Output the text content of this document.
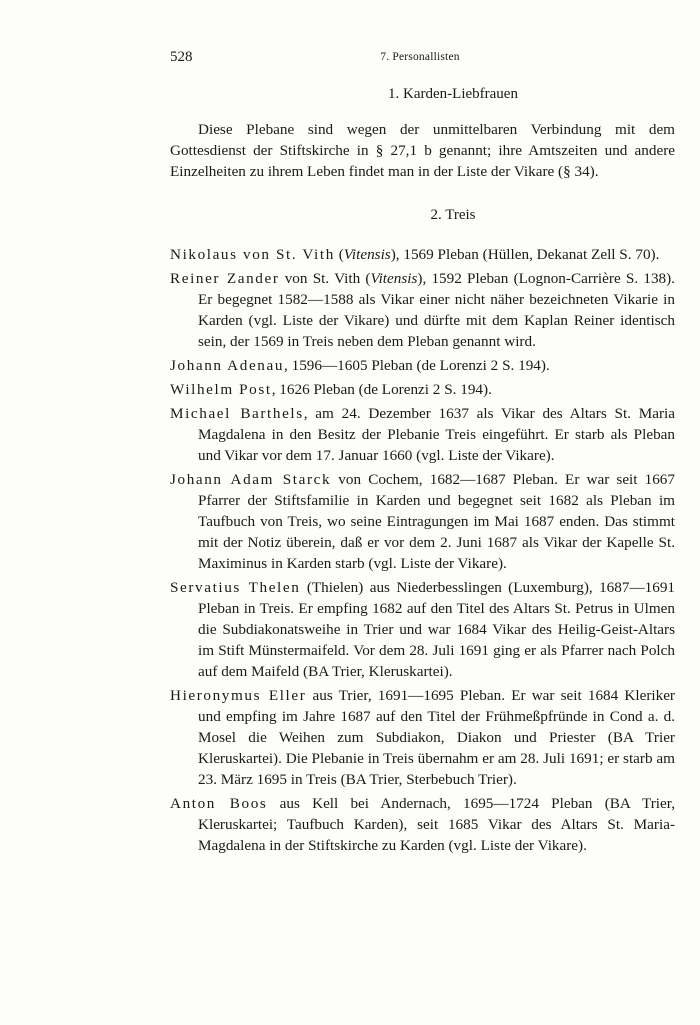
528	7. Personallisten
1. Karden-Liebfrauen

Diese Plebane sind wegen der unmittelbaren Verbindung mit dem Gottesdienst der Stiftskirche in § 27,1 b genannt; ihre Amtszeiten und andere Einzelheiten zu ihrem Leben findet man in der Liste der Vikare (§ 34).

2. Treis
Nikolaus von St. Vith (Vitensis), 1569 Pleban (Hüllen, Dekanat Zell S. 70).
Reiner Zander von St. Vith (Vitensis), 1592 Pleban (Lognon-Carrière S. 138). Er begegnet 1582—1588 als Vikar einer nicht näher bezeichneten Vikarie in Karden (vgl. Liste der Vikare) und dürfte mit dem Kaplan Reiner identisch sein, der 1569 in Treis neben dem Pleban genannt wird.
Johann Adenau, 1596—1605 Pleban (de Lorenzi 2 S. 194).
Wilhelm Post, 1626 Pleban (de Lorenzi 2 S. 194).
Michael Barthels, am 24. Dezember 1637 als Vikar des Altars St. Maria Magdalena in den Besitz der Plebanie Treis eingeführt. Er starb als Pleban und Vikar vor dem 17. Januar 1660 (vgl. Liste der Vikare).
Johann Adam Starck von Cochem, 1682—1687 Pleban. Er war seit 1667 Pfarrer der Stiftsfamilie in Karden und begegnet seit 1682 als Pleban im Taufbuch von Treis, wo seine Eintragungen im Mai 1687 enden. Das stimmt mit der Notiz überein, daß er vor dem 2. Juni 1687 als Vikar der Kapelle St. Maximinus in Karden starb (vgl. Liste der Vikare).
Servatius Thelen (Thielen) aus Niederbesslingen (Luxemburg), 1687—1691 Pleban in Treis. Er empfing 1682 auf den Titel des Altars St. Petrus in Ulmen die Subdiakonatsweihe in Trier und war 1684 Vikar des Heilig-Geist-Altars im Stift Münstermaifeld. Vor dem 28. Juli 1691 ging er als Pfarrer nach Polch auf dem Maifeld (BA Trier, Kleruskartei).
Hieronymus Eller aus Trier, 1691—1695 Pleban. Er war seit 1684 Kleriker und empfing im Jahre 1687 auf den Titel der Frühmeßpfründe in Cond a. d. Mosel die Weihen zum Subdiakon, Diakon und Priester (BA Trier Kleruskartei). Die Plebanie in Treis übernahm er am 28. Juli 1691; er starb am 23. März 1695 in Treis (BA Trier, Sterbebuch Trier).
Anton Boos aus Kell bei Andernach, 1695—1724 Pleban (BA Trier, Kleruskartei; Taufbuch Karden), seit 1685 Vikar des Altars St. Maria-Magdalena in der Stiftskirche zu Karden (vgl. Liste der Vikare).
